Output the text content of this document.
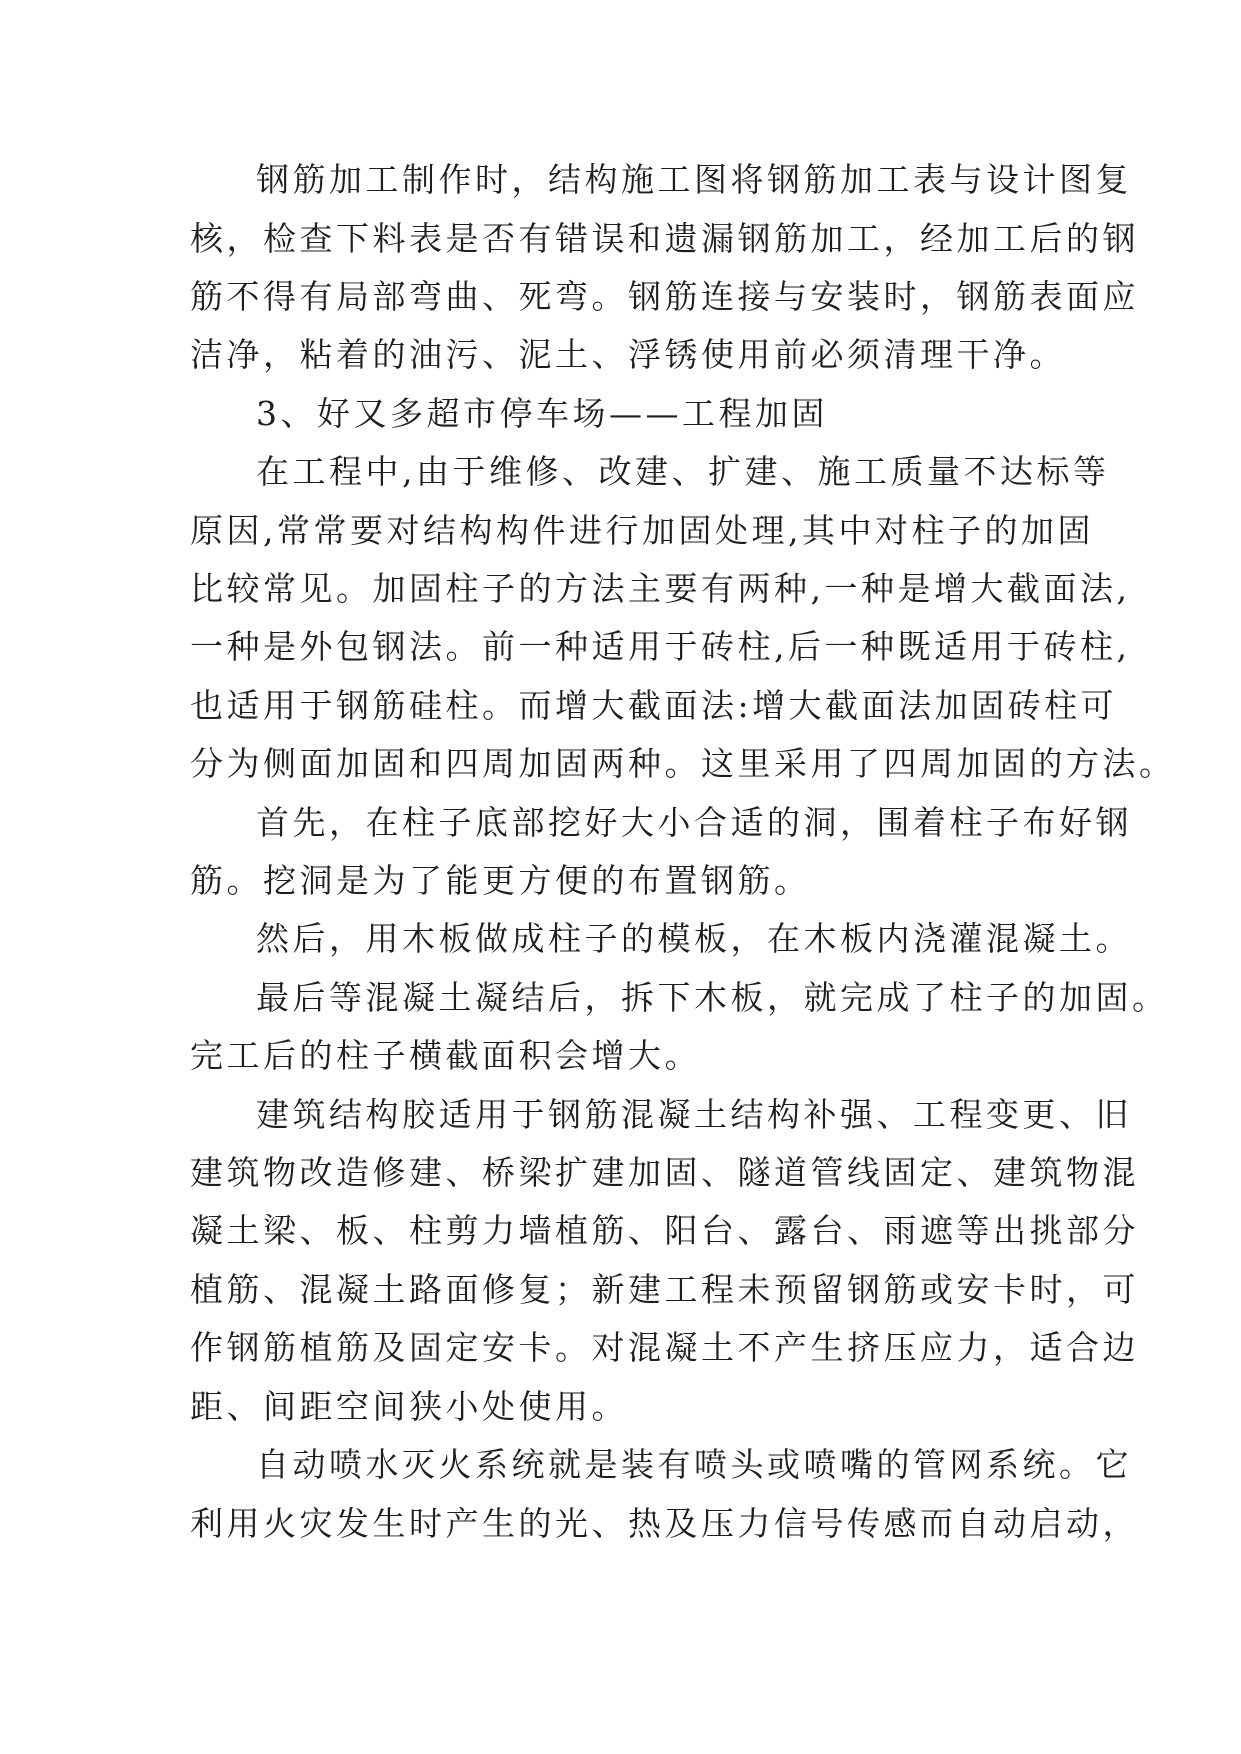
钢筋加工制作时，结构施工图将钢筋加工表与设计图复

核，检查下料表是否有错误和遗漏钢筋加工，经加工后的钢

筋不得有局部弯曲、死弯。钢筋连接与安装时，钢筋表面应

洁净，粘着的油污、泥土、浮锈使用前必须清理干净。

3、好又多超市停车场——工程加固

在工程中,由于维修、改建、扩建、施工质量不达标等

原因,常常要对结构构件进行加固处理,其中对柱子的加固

比较常见。加固柱子的方法主要有两种,一种是增大截面法,

一种是外包钢法。前一种适用于砖柱,后一种既适用于砖柱,

也适用于钢筋硅柱。而增大截面法:增大截面法加固砖柱可

分为侧面加固和四周加固两种。这里采用了四周加固的方法。

首先，在柱子底部挖好大小合适的洞，围着柱子布好钢

筋。挖洞是为了能更方便的布置钢筋。

然后，用木板做成柱子的模板，在木板内浇灌混凝土。

最后等混凝土凝结后，拆下木板，就完成了柱子的加固。

完工后的柱子横截面积会增大。

建筑结构胶适用于钢筋混凝土结构补强、工程变更、旧

建筑物改造修建、桥梁扩建加固、隧道管线固定、建筑物混

凝土梁、板、柱剪力墙植筋、阳台、露台、雨遮等出挑部分

植筋、混凝土路面修复；新建工程未预留钢筋或安卡时，可

作钢筋植筋及固定安卡。对混凝土不产生挤压应力，适合边

距、间距空间狭小处使用。

自动喷水灭火系统就是装有喷头或喷嘴的管网系统。它

利用火灾发生时产生的光、热及压力信号传感而自动启动，
